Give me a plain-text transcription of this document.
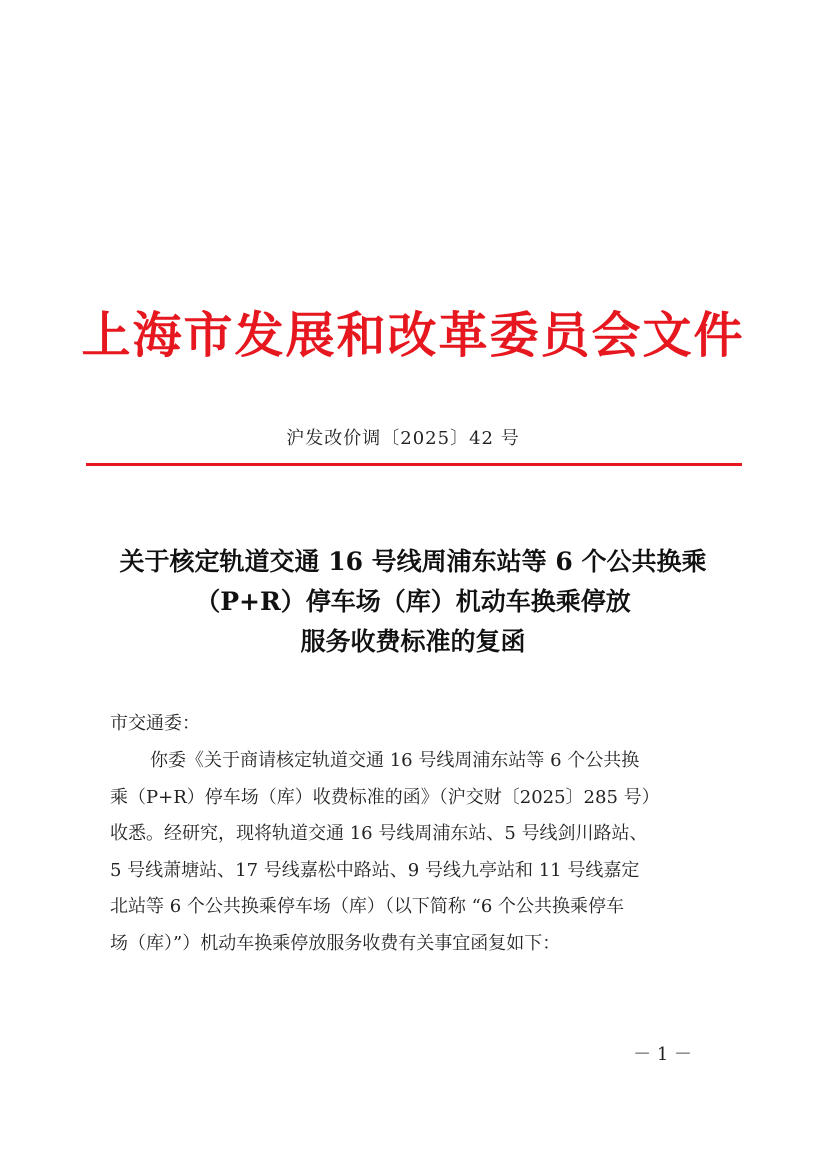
上海市发展和改革委员会文件
沪发改价调〔2025〕42 号
关于核定轨道交通 16 号线周浦东站等 6 个公共换乘
（P+R）停车场（库）机动车换乘停放
服务收费标准的复函
市交通委：
你委《关于商请核定轨道交通 16 号线周浦东站等 6 个公共换
乘（P+R）停车场（库）收费标准的函》（沪交财〔2025〕285 号）
收悉。经研究，现将轨道交通 16 号线周浦东站、5 号线剑川路站、
5 号线萧塘站、17 号线嘉松中路站、9 号线九亭站和 11 号线嘉定
北站等 6 个公共换乘停车场（库）（以下简称 “6 个公共换乘停车
场（库）”）机动车换乘停放服务收费有关事宜函复如下：
－ 1 －
